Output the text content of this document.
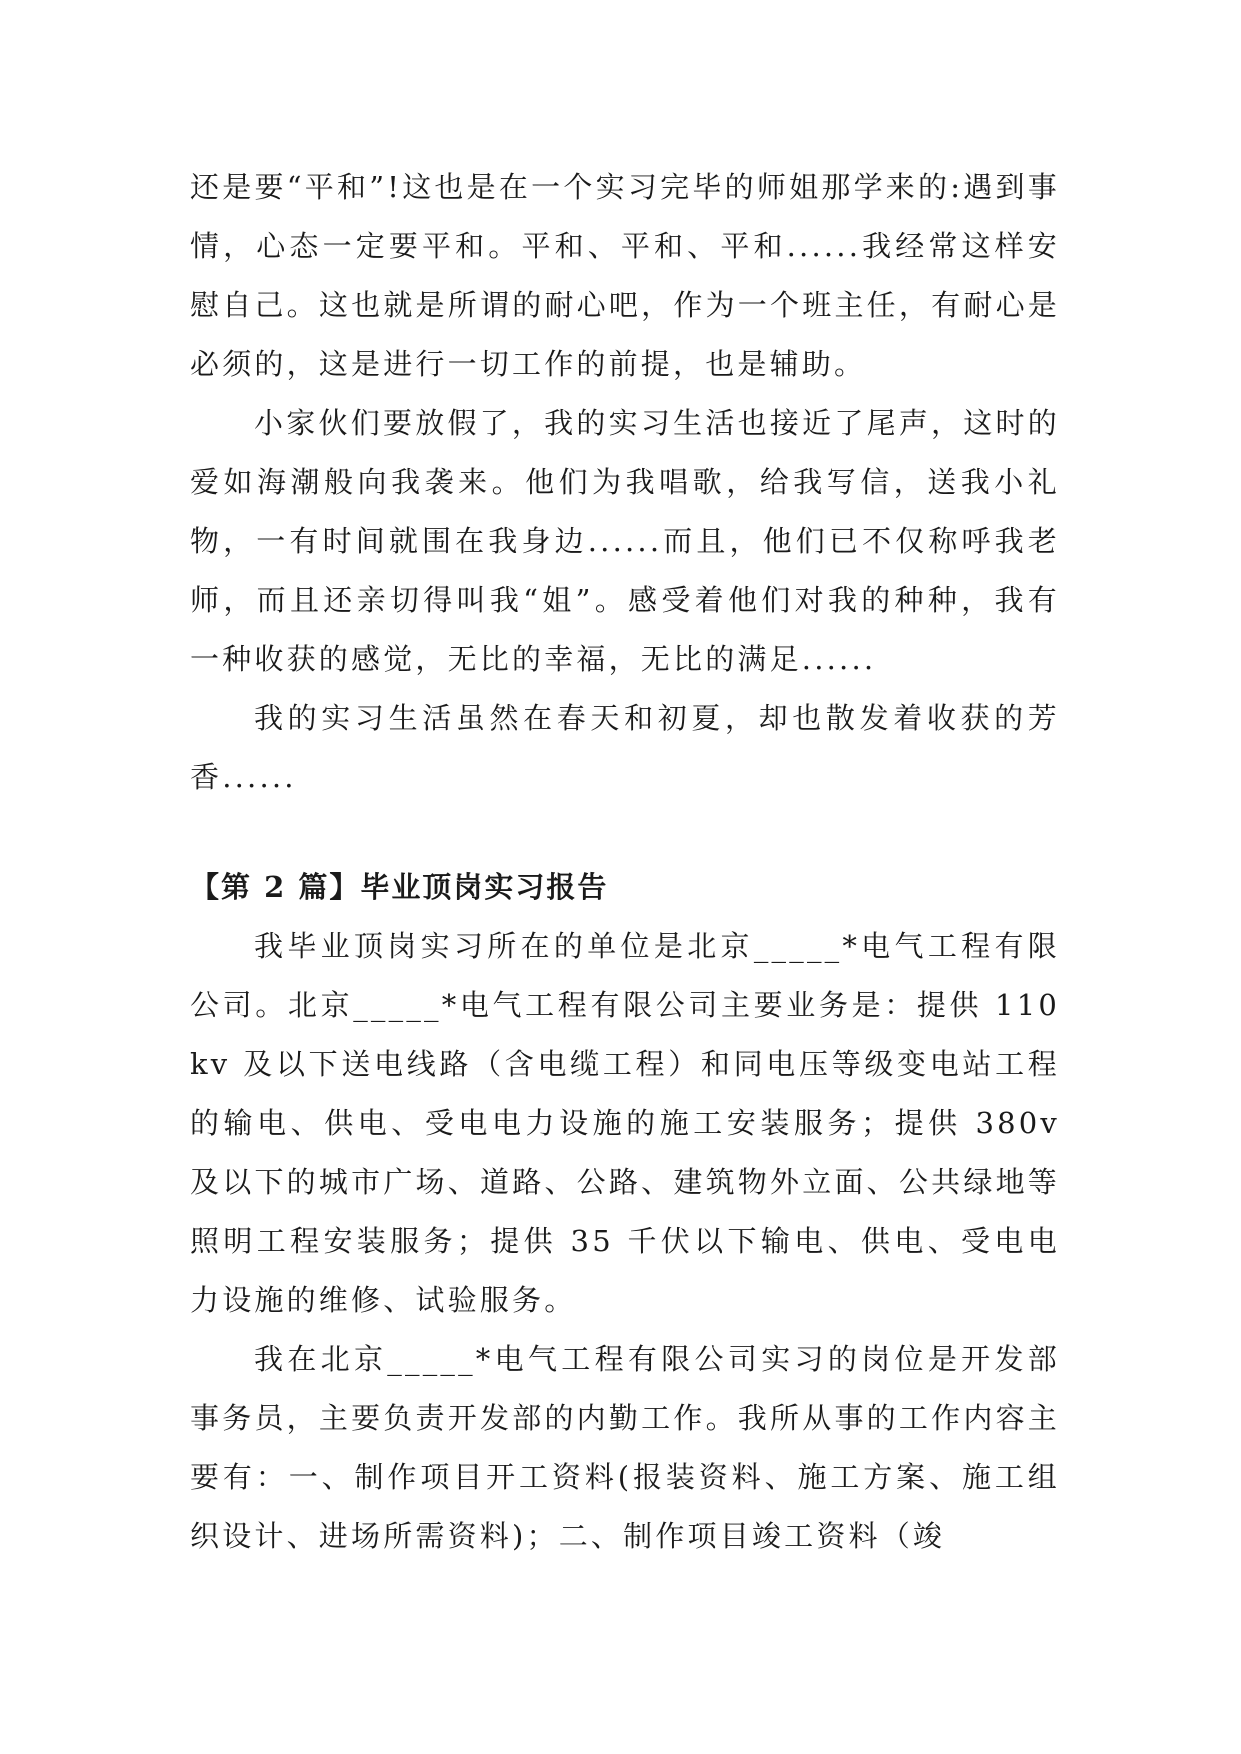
还是要“平和”!这也是在一个实习完毕的师姐那学来的:遇到事情，心态一定要平和。平和、平和、平和......我经常这样安慰自己。这也就是所谓的耐心吧，作为一个班主任，有耐心是必须的，这是进行一切工作的前提，也是辅助。

小家伙们要放假了，我的实习生活也接近了尾声，这时的爱如海潮般向我袭来。他们为我唱歌，给我写信，送我小礼物，一有时间就围在我身边......而且，他们已不仅称呼我老师，而且还亲切得叫我“姐”。感受着他们对我的种种，我有一种收获的感觉，无比的幸福，无比的满足......

我的实习生活虽然在春天和初夏，却也散发着收获的芳香......

【第 2 篇】毕业顶岗实习报告

我毕业顶岗实习所在的单位是北京_____*电气工程有限公司。北京_____*电气工程有限公司主要业务是：提供 110kv 及以下送电线路（含电缆工程）和同电压等级变电站工程的输电、供电、受电电力设施的施工安装服务；提供 380v 及以下的城市广场、道路、公路、建筑物外立面、公共绿地等照明工程安装服务；提供 35 千伏以下输电、供电、受电电力设施的维修、试验服务。

我在北京_____*电气工程有限公司实习的岗位是开发部事务员，主要负责开发部的内勤工作。我所从事的工作内容主要有：一、制作项目开工资料(报装资料、施工方案、施工组织设计、进场所需资料)；二、制作项目竣工资料（竣
